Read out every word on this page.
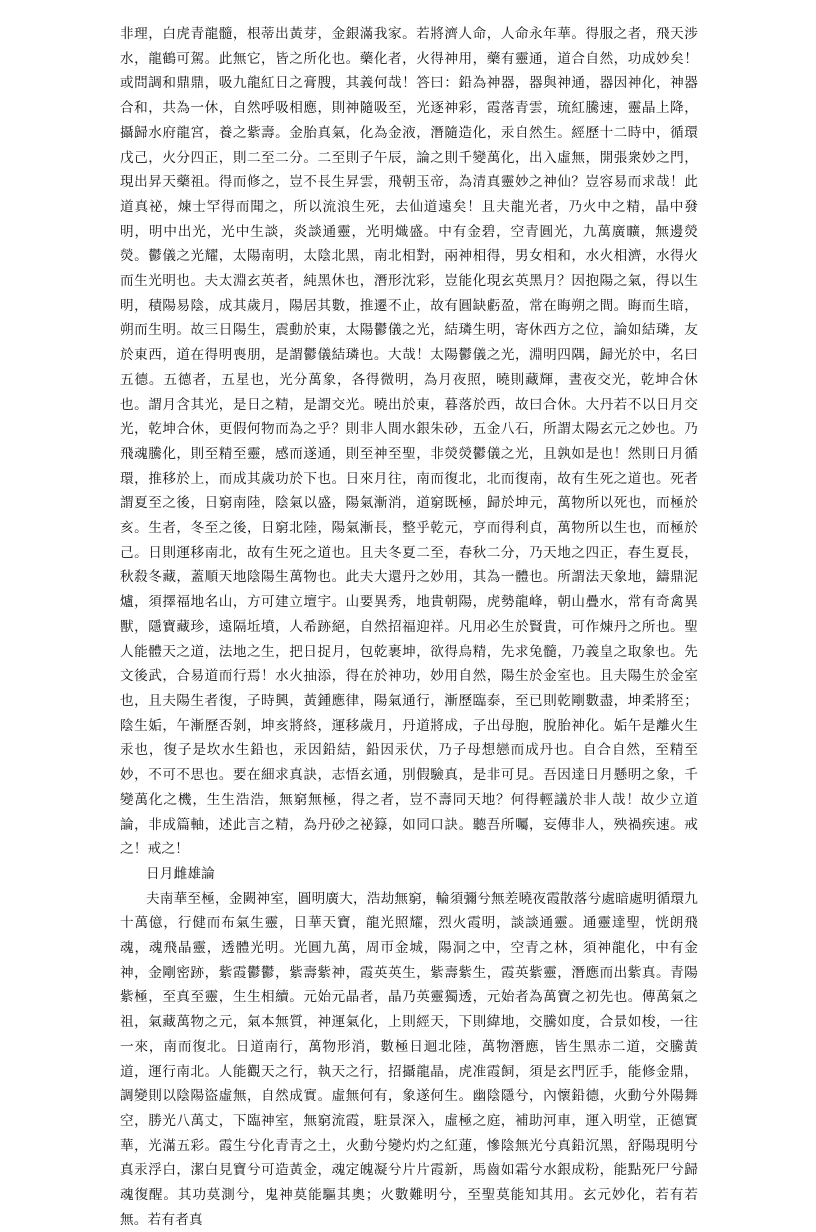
非理，白虎青龍髓，根蒂出黃芽，金銀滿我家。若將濟人命，人命永年華。得服之者，飛天涉水，龍鶴可駕。此無它，皆之所化也。藥化者，火得神用，藥有靈通，道合自然，功成妙矣！或問調和鼎鼎，吸九龍紅日之膏膄，其義何哉！答曰：鉛為神器，器與神通，器因神化，神器合和，共為一休，自然呼吸相應，則神隨吸至，光逐神彩，霞落青雲，琉紅騰速，靈晶上降，攝歸水府龍宮，養之紫壽。金胎真氣，化為金液，潛隨造化，汞自然生。經歷十二時中，循環戊己，火分四正，則二至二分。二至則子午辰，論之則千變萬化，出入虛無，開張衆妙之門，現出昇天藥祖。得而修之，豈不長生昇雲，飛朝玉帝，為清真靈妙之神仙？豈容易而求哉！此道真祕，煉士罕得而聞之，所以流浪生死，去仙道遠矣！且夫龍光者，乃火中之精，晶中發明，明中出光，光中生談，炎談通靈，光明熾盛。中有金碧，空青圓光，九萬廣曠，無邊熒熒。鬱儀之光耀，太陽南明，太陰北黑，南北相對，兩神相得，男女相和，水火相濟，水得火而生光明也。夫太淵玄英者，純黑休也，潛形沈彩，豈能化現玄英黑月？因抱陽之氣，得以生明，積陽易陰，成其歲月，陽居其數，推遷不止，故有圓缺虧盈，常在晦朔之間。晦而生暗，朔而生明。故三日陽生，震動於東，太陽鬱儀之光，結璘生明，寄休西方之位，論如結璘，友於東西，道在得明喪朋，是謂鬱儀結璘也。大哉！太陽鬱儀之光，淵明四隅，歸光於中，名曰五德。五德者，五星也，光分萬象，各得微明，為月夜照，曉則藏輝，晝夜交光，乾坤合休也。謂月含其光，是日之精，是謂交光。曉出於東，暮落於西，故曰合休。大丹若不以日月交光，乾坤合休，更假何物而為之乎？則非人間水銀朱砂，五金八石，所謂太陽玄元之妙也。乃飛魂騰化，則至精至靈，感而遂通，則至神至聖，非熒熒鬱儀之光，且孰如是也！然則日月循環，推移於上，而成其歲功於下也。日來月往，南而復北，北而復南，故有生死之道也。死者謂夏至之後，日窮南陸，陰氣以盛，陽氣漸消，道窮既極，歸於坤元，萬物所以死也，而極於亥。生者，冬至之後，日窮北陸，陽氣漸長，整乎乾元，亨而得利貞，萬物所以生也，而極於己。日則運移南北，故有生死之道也。且夫冬夏二至，春秋二分，乃天地之四正，春生夏長，秋殺冬藏，蓋順天地陰陽生萬物也。此夫大還丹之妙用，其為一體也。所謂法天象地，鑄鼎泥爐，須擇福地名山，方可建立壇宇。山要異秀，地貴朝陽，虎勢龍峰，朝山疊水，常有奇禽異獸，隱寶藏珍，遠隔坵墳，人希跡絕，自然招福迎祥。凡用必生於賢貴，可作煉丹之所也。聖人能體天之道，法地之生，把日捉月，包乾裹坤，欲得烏精，先求兔髓，乃義皇之取象也。先文後武，合易道而行焉！水火抽添，得在於神功，妙用自然，陽生於金室也。且夫陽生於金室也，且夫陽生者復，子時興，黃鍾應律，陽氣通行，漸歷臨泰，至已則乾剛數盡，坤柔將至；陰生姤，午漸歷否剝，坤亥將終，運移歲月，丹道將成，子出母胞，脫胎神化。姤午是離火生汞也，復子是坎水生鉛也，汞因鉛結，鉛因汞伏，乃子母想戀而成丹也。自合自然，至精至妙，不可不思也。要在細求真訣，志悟玄通，別假驗真，是非可見。吾因達日月懸明之象，千變萬化之機，生生浩浩，無窮無極，得之者，豈不壽同天地？何得輕議於非人哉！故少立道論，非成篇軸，述此言之精，為丹砂之祕籙，如同口訣。聽吾所囑，妄傳非人，殃禍疾速。戒之！戒之！

日月雌雄論

夫南華至極，金闕神室，圓明廣大，浩劫無窮，輪須彌兮無差曉夜霞散落兮處暗處明循環九十萬億，行健而布氣生靈，日華天寶，龍光照耀，烈火霞明，談談通靈。通靈達聖，恍朗飛魂，魂飛晶靈，透體光明。光圓九萬，周帀金城，陽洞之中，空青之林，須神龍化，中有金神，金剛密跡，紫霞鬱鬱，紫壽紫神，霞英英生，紫壽紫生，霞英紫靈，潛應而出紫真。青陽紫極，至真至靈，生生相續。元始元晶者，晶乃英靈獨透，元始者為萬寶之初先也。傳萬氣之祖，氣藏萬物之元，氣本無質，神運氣化，上則經天，下則緯地，交騰如度，合景如梭，一往一來，南而復北。日道南行，萬物形消，數極日迴北陸，萬物潛應，皆生黑赤二道，交騰黃道，運行南北。人能觀天之行，執天之行，招攝龍晶，虎准霞飼，須是玄門匠手，能修金鼎，調變則以陰陽盜虛無，自然成實。虛無何有，象遂何生。幽陰隱兮，內懷鉛德，火動兮外陽舞空，勝光八萬丈，下臨神室，無窮流霞，駐景深入，虛極之庭，補助河車，運入明堂，正德實華，光滿五彩。霞生兮化青青之土，火動兮變灼灼之紅蓮，慘陰無光兮真鉛沉黑，舒陽現明兮真汞浮白，潔白見寶兮可造黃金，魂定魄凝兮片片霞新，馬齒如霜兮水銀成粉，能點死尸兮歸魂復醒。其功莫測兮，鬼神莫能驅其奧；火數難明兮，至聖莫能知其用。玄元妙化，若有若無。若有者真
